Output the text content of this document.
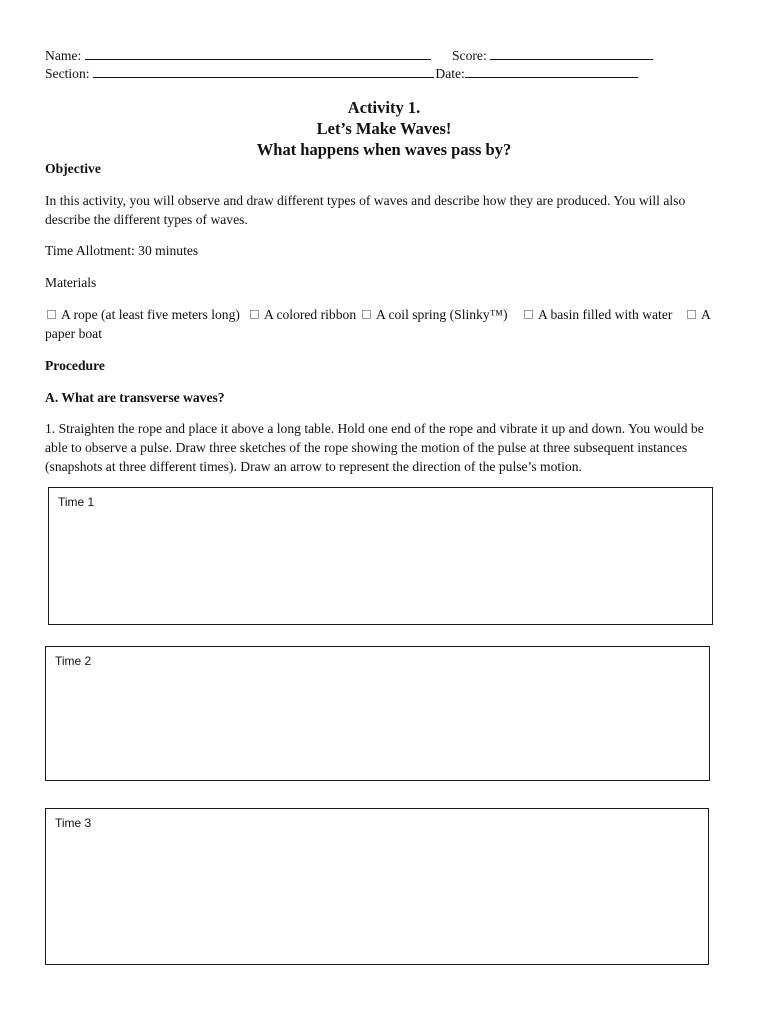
Name:	Score:
Section:	Date:
Activity 1.
Let’s Make Waves!
What happens when waves pass by?
Objective
In this activity, you will observe and draw different types of waves and describe how they are produced. You will also
describe the different types of waves.
Time Allotment: 30 minutes
Materials
A rope (at least five meters long)	A colored ribbon	A coil spring (Slinky™)	A basin filled with water	A
paper boat
Procedure
A. What are transverse waves?
1. Straighten the rope and place it above a long table. Hold one end of the rope and vibrate it up and down. You would be
able to observe a pulse. Draw three sketches of the rope showing the motion of the pulse at three subsequent instances
(snapshots at three different times). Draw an arrow to represent the direction of the pulse’s motion.
Time 1
Time 2
Time 3
